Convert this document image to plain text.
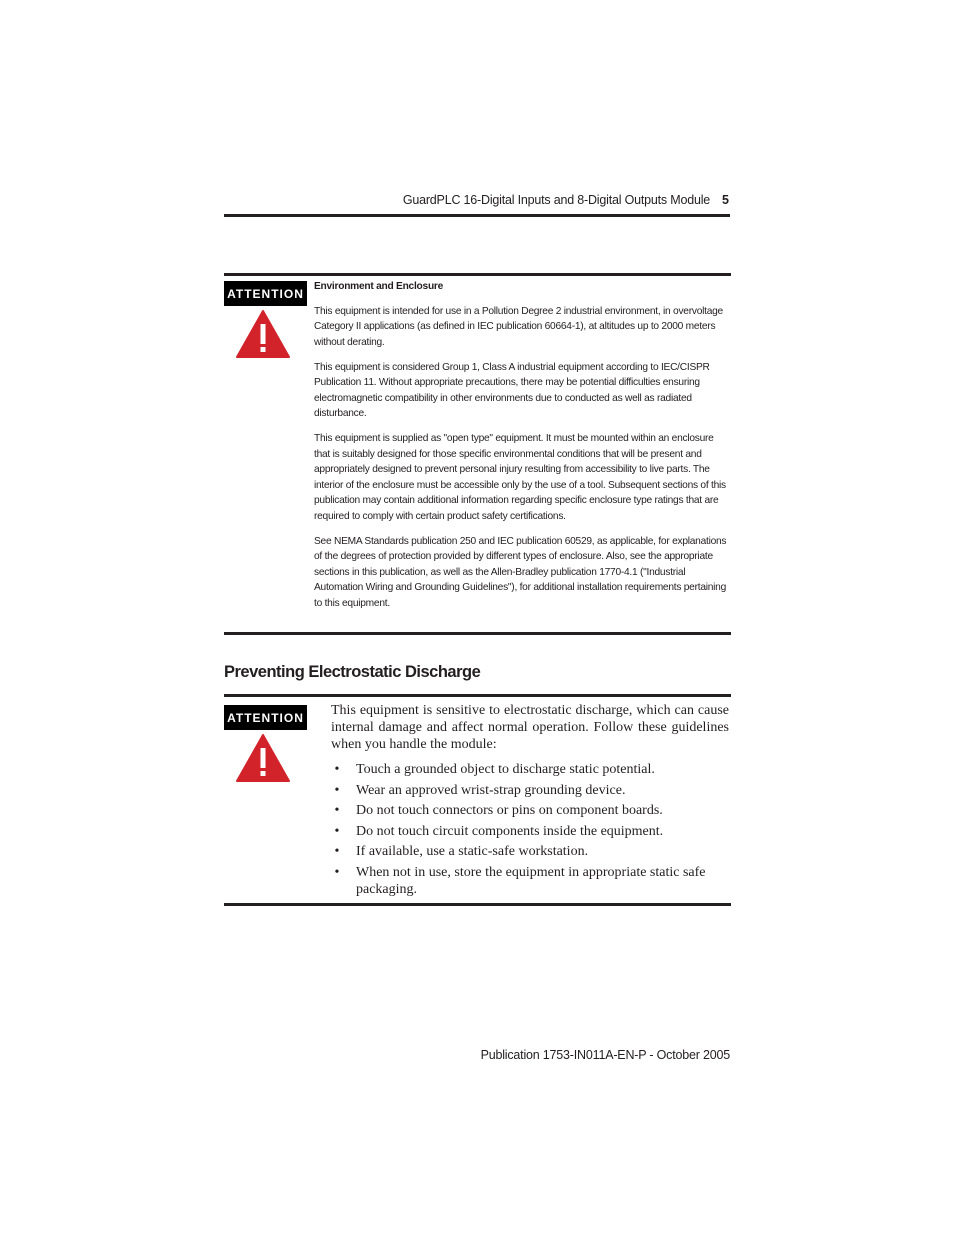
GuardPLC 16-Digital Inputs and 8-Digital Outputs Module 5
ATTENTION Environment and Enclosure

This equipment is intended for use in a Pollution Degree 2 industrial environment, in overvoltage Category II applications (as defined in IEC publication 60664-1), at altitudes up to 2000 meters without derating.

This equipment is considered Group 1, Class A industrial equipment according to IEC/CISPR Publication 11. Without appropriate precautions, there may be potential difficulties ensuring electromagnetic compatibility in other environments due to conducted as well as radiated disturbance.

This equipment is supplied as "open type" equipment. It must be mounted within an enclosure that is suitably designed for those specific environmental conditions that will be present and appropriately designed to prevent personal injury resulting from accessibility to live parts. The interior of the enclosure must be accessible only by the use of a tool. Subsequent sections of this publication may contain additional information regarding specific enclosure type ratings that are required to comply with certain product safety certifications.

See NEMA Standards publication 250 and IEC publication 60529, as applicable, for explanations of the degrees of protection provided by different types of enclosure. Also, see the appropriate sections in this publication, as well as the Allen-Bradley publication 1770-4.1 ("Industrial Automation Wiring and Grounding Guidelines"), for additional installation requirements pertaining to this equipment.

Preventing Electrostatic Discharge
ATTENTION This equipment is sensitive to electrostatic discharge, which can cause internal damage and affect normal operation. Follow these guidelines when you handle the module:

• Touch a grounded object to discharge static potential.
• Wear an approved wrist-strap grounding device.
• Do not touch connectors or pins on component boards.
• Do not touch circuit components inside the equipment.
• If available, use a static-safe workstation.
• When not in use, store the equipment in appropriate static safe packaging.
Publication 1753-IN011A-EN-P - October 2005
